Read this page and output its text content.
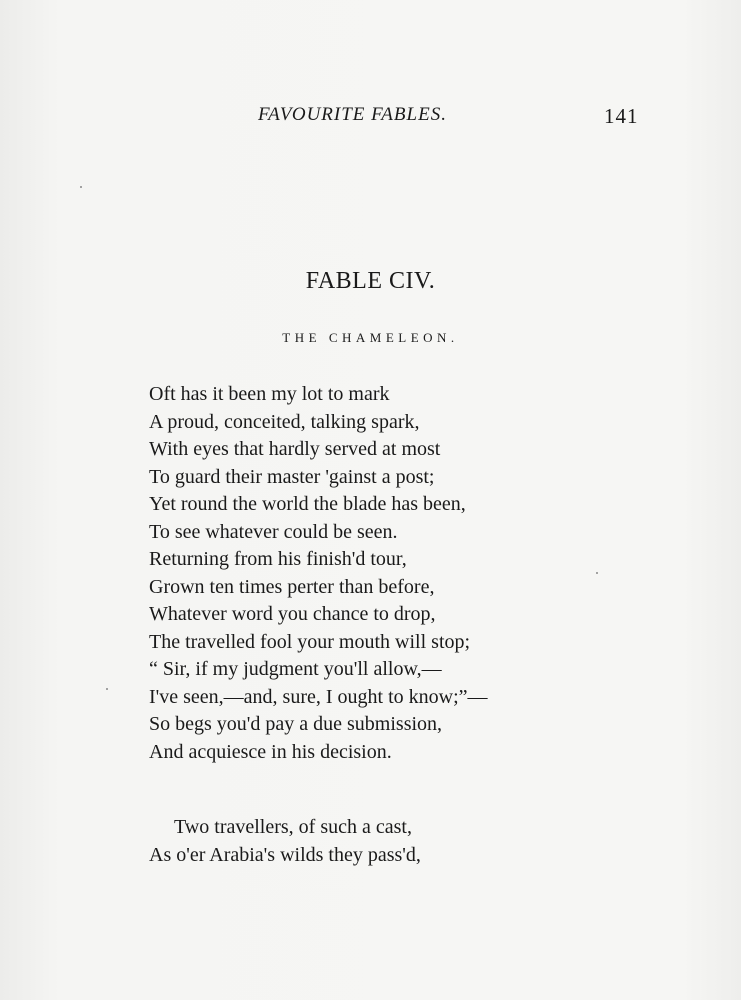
FAVOURITE FABLES.	141
FABLE CIV.
THE CHAMELEON.
Oft has it been my lot to mark
A proud, conceited, talking spark,
With eyes that hardly served at most
To guard their master 'gainst a post;
Yet round the world the blade has been,
To see whatever could be seen.
Returning from his finish'd tour,
Grown ten times perter than before,
Whatever word you chance to drop,
The travelled fool your mouth will stop;
“ Sir, if my judgment you'll allow,—
I've seen,—and, sure, I ought to know;”—
So begs you'd pay a due submission,
And acquiesce in his decision.
Two travellers, of such a cast,
As o'er Arabia's wilds they pass'd,
